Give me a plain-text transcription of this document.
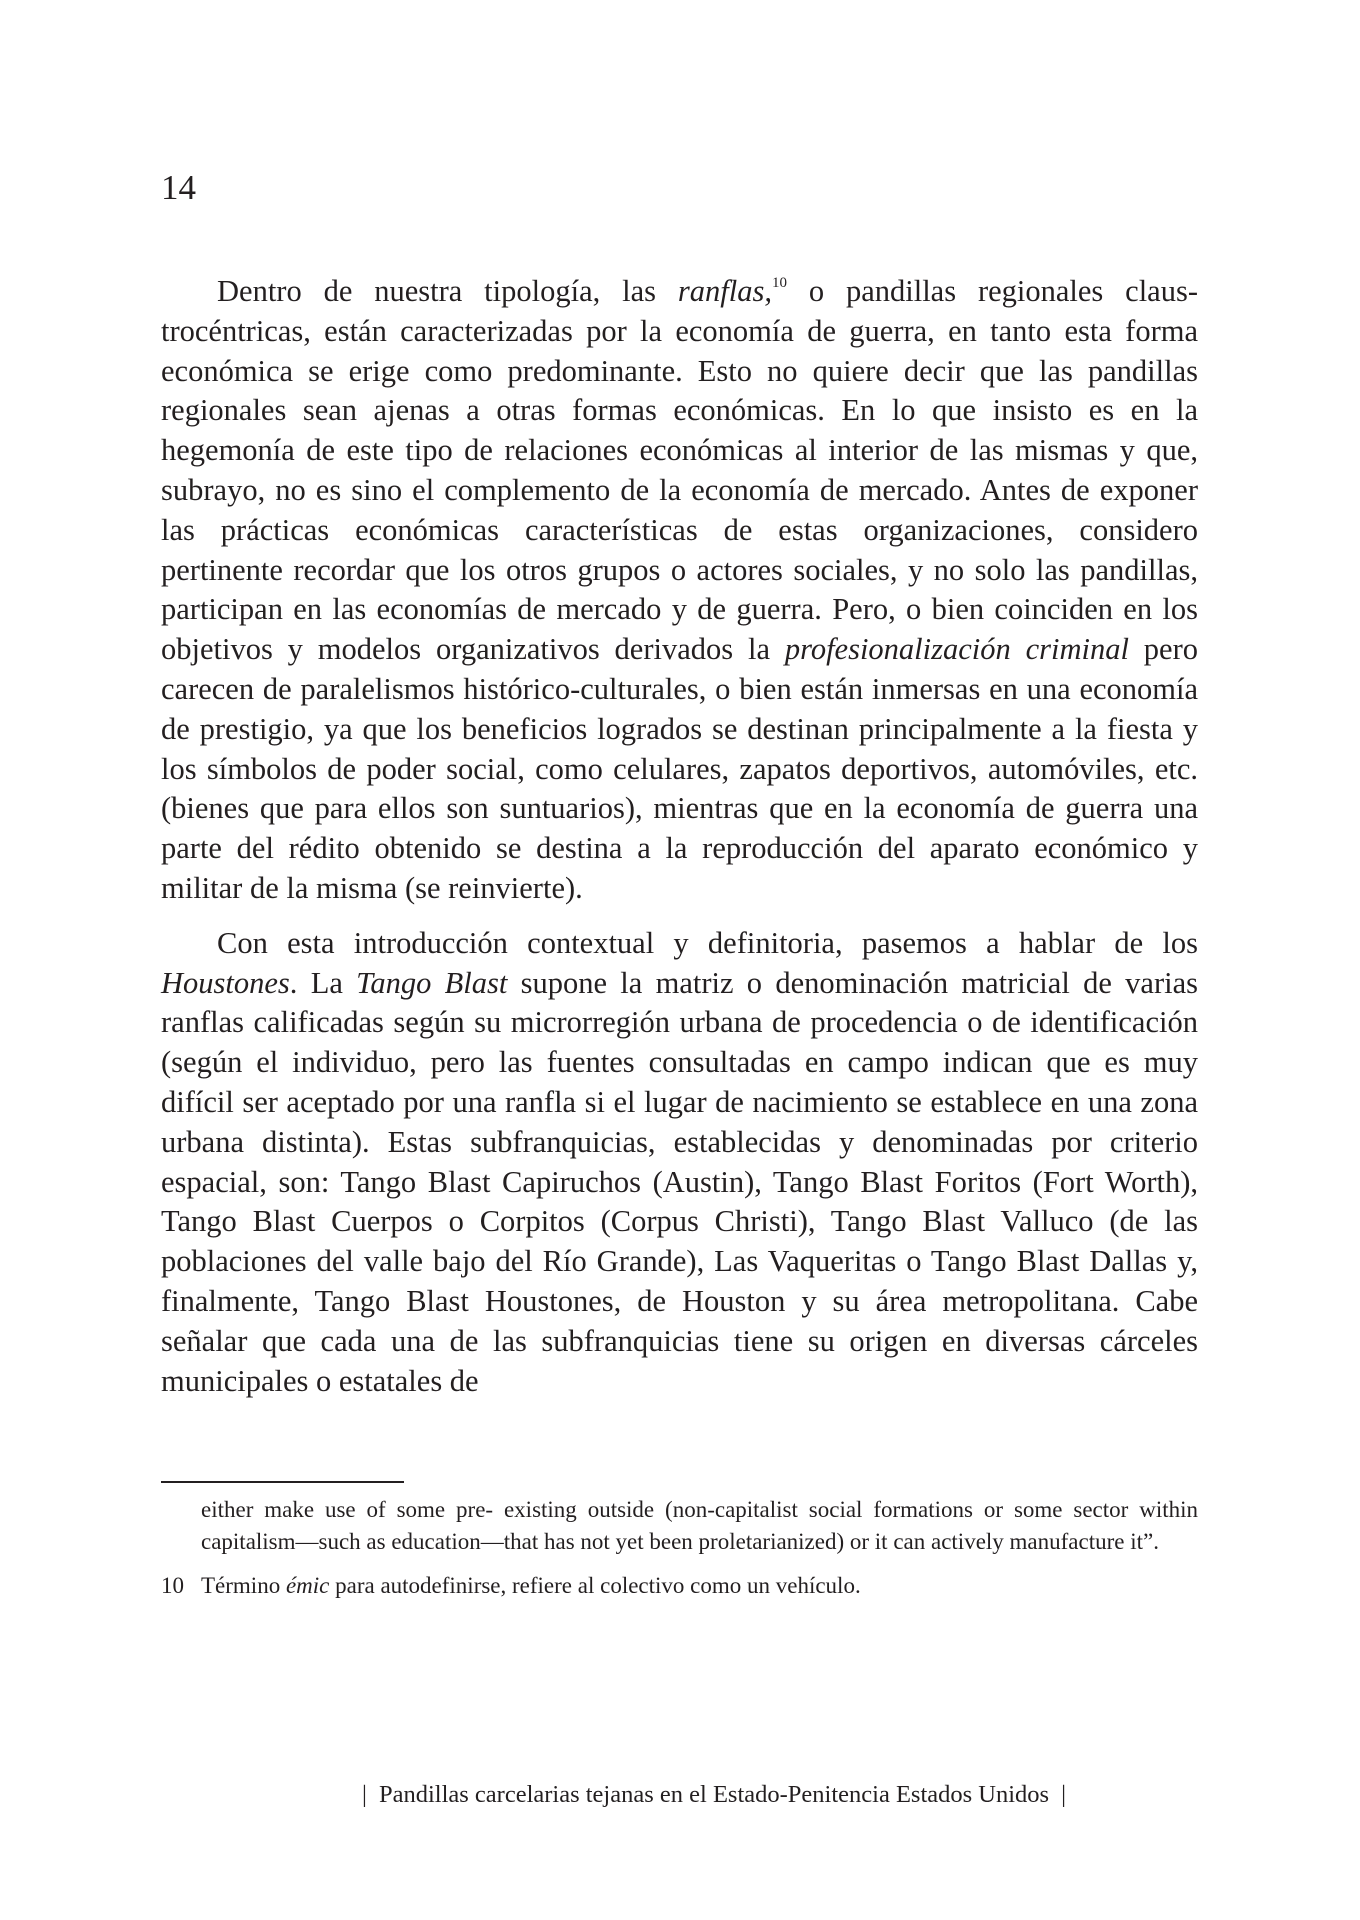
14

Dentro de nuestra tipología, las ranflas,$^{10}$ o pandillas regionales claustrocéntricas, están caracterizadas por la economía de guerra, en tanto esta forma económica se erige como predominante. Esto no quiere decir que las pandillas regionales sean ajenas a otras formas económicas. En lo que insisto es en la hegemonía de este tipo de relaciones económicas al interior de las mismas y que, subrayo, no es sino el complemento de la economía de mercado. Antes de exponer las prácticas económicas características de estas organizaciones, considero pertinente recordar que los otros grupos o actores sociales, y no solo las pandillas, participan en las economías de mercado y de guerra. Pero, o bien coinciden en los objetivos y modelos organizativos derivados la profesionalización criminal pero carecen de paralelismos histórico-culturales, o bien están inmersas en una economía de prestigio, ya que los beneficios logrados se destinan principalmente a la fiesta y los símbolos de poder social, como celulares, zapatos deportivos, automóviles, etc. (bienes que para ellos son suntuarios), mientras que en la economía de guerra una parte del rédito obtenido se destina a la reproducción del aparato económico y militar de la misma (se reinvierte).

Con esta introducción contextual y definitoria, pasemos a hablar de los Houstones. La Tango Blast supone la matriz o denominación matricial de varias ranflas calificadas según su microrregión urbana de procedencia o de identificación (según el individuo, pero las fuentes consultadas en campo indican que es muy difícil ser aceptado por una ranfla si el lugar de nacimiento se establece en una zona urbana distinta). Estas subfranquicias, establecidas y denominadas por criterio espacial, son: Tango Blast Capiruchos (Austin), Tango Blast Foritos (Fort Worth), Tango Blast Cuerpos o Corpitos (Corpus Christi), Tango Blast Valluco (de las poblaciones del valle bajo del Río Grande), Las Vaqueritas o Tango Blast Dallas y, finalmente, Tango Blast Houstones, de Houston y su área metropolitana. Cabe señalar que cada una de las subfranquicias tiene su origen en diversas cárceles municipales o estatales de

either make use of some pre- existing outside (non-capitalist social formations or some sector within capitalism—such as education—that has not yet been proletarianized) or it can actively manufacture it”.

10 Término émic para autodefinirse, refiere al colectivo como un vehículo.
| Pandillas carcelarias tejanas en el Estado-Penitencia Estados Unidos |
